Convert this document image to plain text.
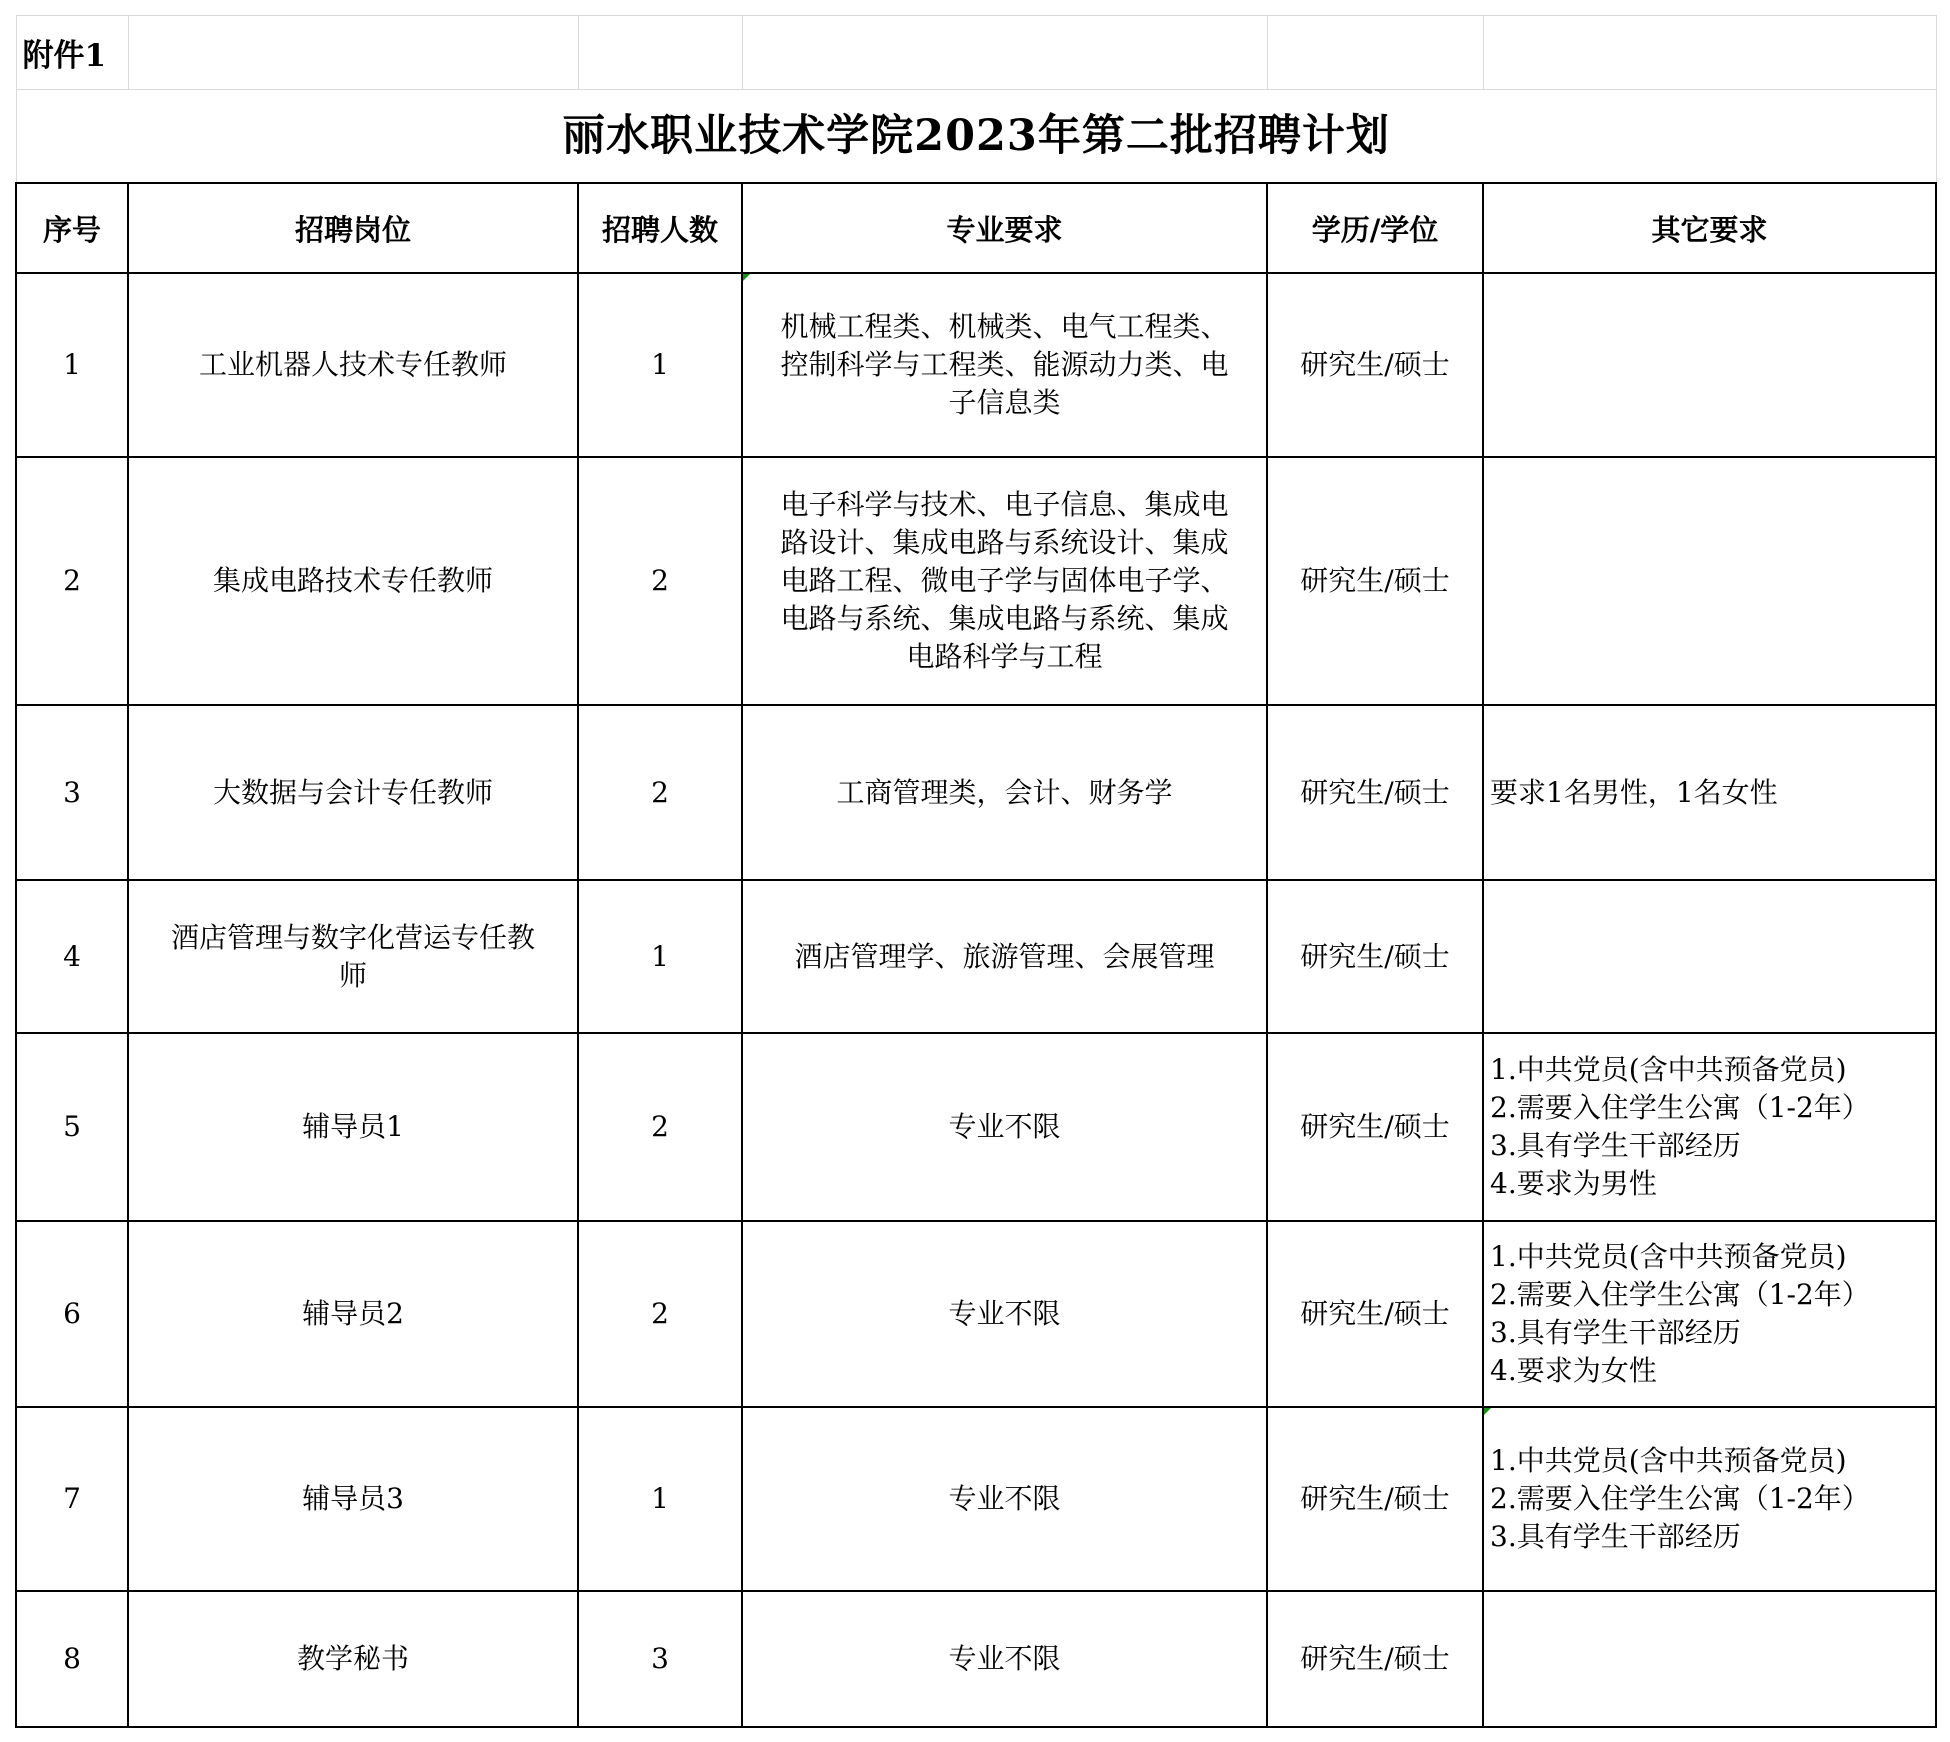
附件1					
丽水职业技术学院2023年第二批招聘计划					
序号	招聘岗位	招聘人数	专业要求	学历/学位	其它要求
1	工业机器人技术专任教师	1	机械工程类、机械类、电气工程类、
控制科学与工程类、能源动力类、电
子信息类	研究生/硕士	
2	集成电路技术专任教师	2	电子科学与技术、电子信息、集成电
路设计、集成电路与系统设计、集成
电路工程、微电子学与固体电子学、
电路与系统、集成电路与系统、集成
电路科学与工程	研究生/硕士	
3	大数据与会计专任教师	2	工商管理类，会计、财务学	研究生/硕士	要求1名男性，1名女性
4	酒店管理与数字化营运专任教
师	1	酒店管理学、旅游管理、会展管理	研究生/硕士	
5	辅导员1	2	专业不限	研究生/硕士	1.中共党员(含中共预备党员)
2.需要入住学生公寓（1-2年）
3.具有学生干部经历
4.要求为男性
6	辅导员2	2	专业不限	研究生/硕士	1.中共党员(含中共预备党员)
2.需要入住学生公寓（1-2年）
3.具有学生干部经历
4.要求为女性
7	辅导员3	1	专业不限	研究生/硕士	1.中共党员(含中共预备党员)
2.需要入住学生公寓（1-2年）
3.具有学生干部经历
8	教学秘书	3	专业不限	研究生/硕士	
